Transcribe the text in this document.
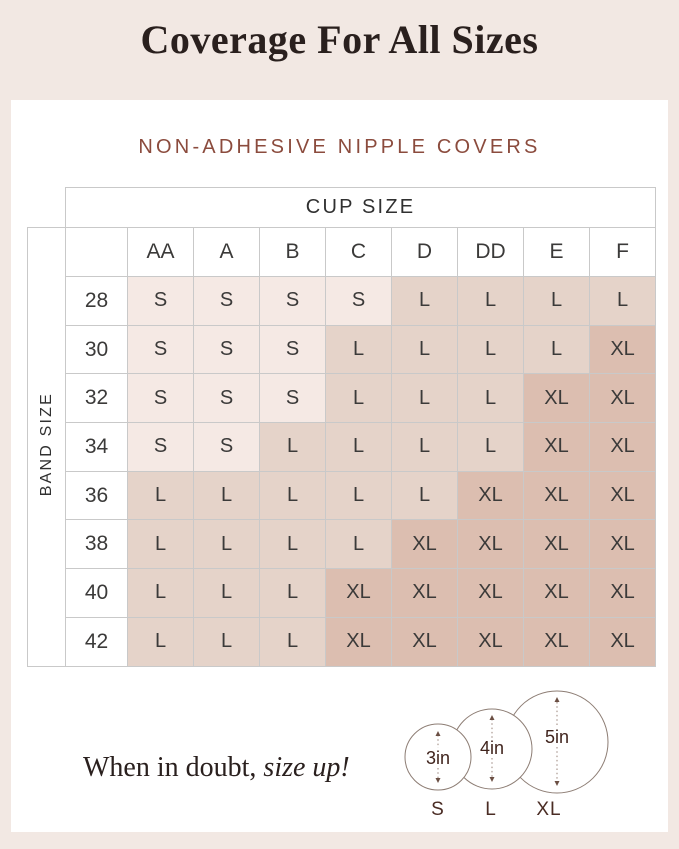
Coverage For All Sizes
NON-ADHESIVE NIPPLE COVERS
	CUP SIZE								
BAND SIZE		AA	A	B	C	D	DD	E	F
	28	S	S	S	S	L	L	L	L
	30	S	S	S	L	L	L	L	XL
	32	S	S	S	L	L	L	XL	XL
	34	S	S	L	L	L	L	XL	XL
	36	L	L	L	L	L	XL	XL	XL
	38	L	L	L	L	XL	XL	XL	XL
	40	L	L	L	XL	XL	XL	XL	XL
	42	L	L	L	XL	XL	XL	XL	XL
When in doubt, size up!	3in 4in
5in
S L XL
